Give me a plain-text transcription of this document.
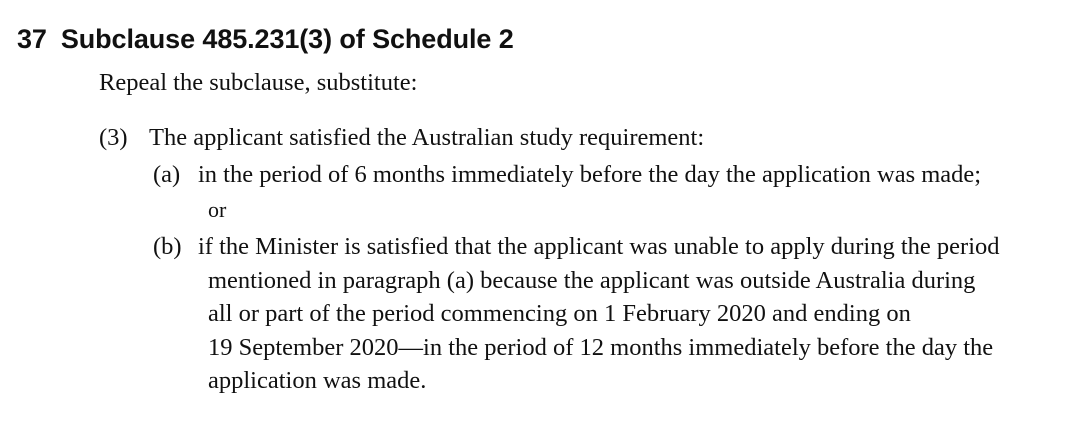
37 Subclause 485.231(3) of Schedule 2

Repeal the subclause, substitute:

(3) The applicant satisfied the Australian study requirement:
(a) in the period of 6 months immediately before the day the application was made;
or
(b) if the Minister is satisfied that the applicant was unable to apply during the period
mentioned in paragraph (a) because the applicant was outside Australia during
all or part of the period commencing on 1 February 2020 and ending on
19 September 2020—in the period of 12 months immediately before the day the
application was made.
